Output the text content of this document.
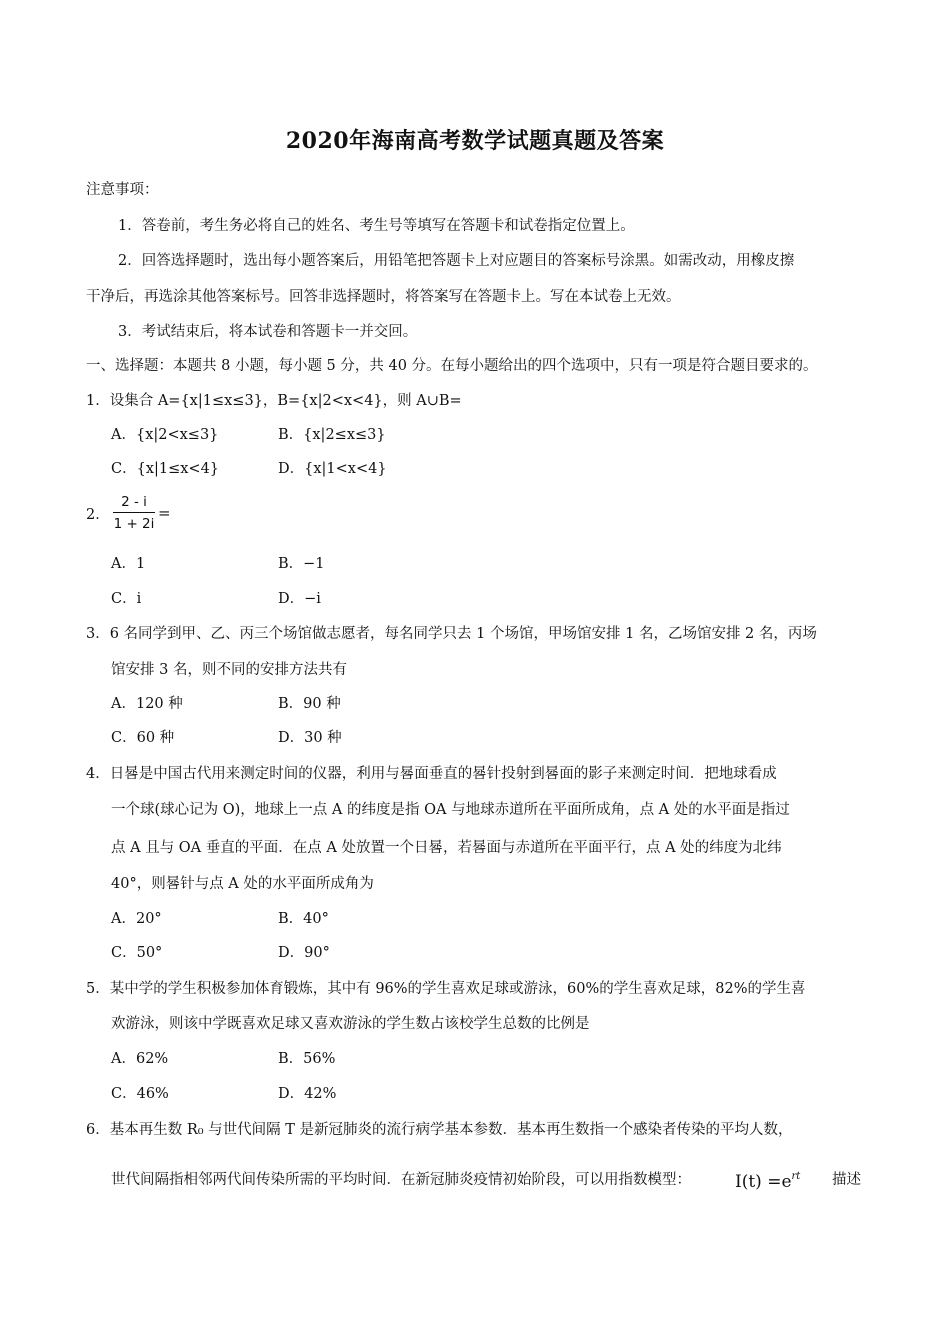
2020年海南高考数学试题真题及答案
注意事项：
1．答卷前，考生务必将自己的姓名、考生号等填写在答题卡和试卷指定位置上。
2．回答选择题时，选出每小题答案后，用铅笔把答题卡上对应题目的答案标号涂黑。如需改动，用橡皮擦
干净后，再选涂其他答案标号。回答非选择题时，将答案写在答题卡上。写在本试卷上无效。
3．考试结束后，将本试卷和答题卡一并交回。
一、选择题：本题共 8 小题，每小题 5 分，共 40 分。在每小题给出的四个选项中，只有一项是符合题目要求的。
1．设集合 A={x|1≤x≤3}，B={x|2<x<4}，则 A∪B=
A．{x|2<x≤3}	B．{x|2≤x≤3}
C．{x|1≤x<4}	D．{x|1<x<4}
2．
2 - i
1 + 2i
=
A．1	B．−1
C．i	D．−i
3．6 名同学到甲、乙、丙三个场馆做志愿者，每名同学只去 1 个场馆，甲场馆安排 1 名，乙场馆安排 2 名，丙场
馆安排 3 名，则不同的安排方法共有
A．120 种	B．90 种
C．60 种	D．30 种
4．日晷是中国古代用来测定时间的仪器，利用与晷面垂直的晷针投射到晷面的影子来测定时间．把地球看成
一个球(球心记为 O)，地球上一点 A 的纬度是指 OA 与地球赤道所在平面所成角，点 A 处的水平面是指过
点 A 且与 OA 垂直的平面．在点 A 处放置一个日晷，若晷面与赤道所在平面平行，点 A 处的纬度为北纬
40°，则晷针与点 A 处的水平面所成角为
A．20°	B．40°
C．50°	D．90°
5．某中学的学生积极参加体育锻炼，其中有 96%的学生喜欢足球或游泳，60%的学生喜欢足球，82%的学生喜
欢游泳，则该中学既喜欢足球又喜欢游泳的学生数占该校学生总数的比例是
A．62%	B．56%
C．46%	D．42%
6．基本再生数 R₀ 与世代间隔 T 是新冠肺炎的流行病学基本参数．基本再生数指一个感染者传染的平均人数，
世代间隔指相邻两代间传染所需的平均时间．在新冠肺炎疫情初始阶段，可以用指数模型：	$I(t) =e^{rt}$ 描述
